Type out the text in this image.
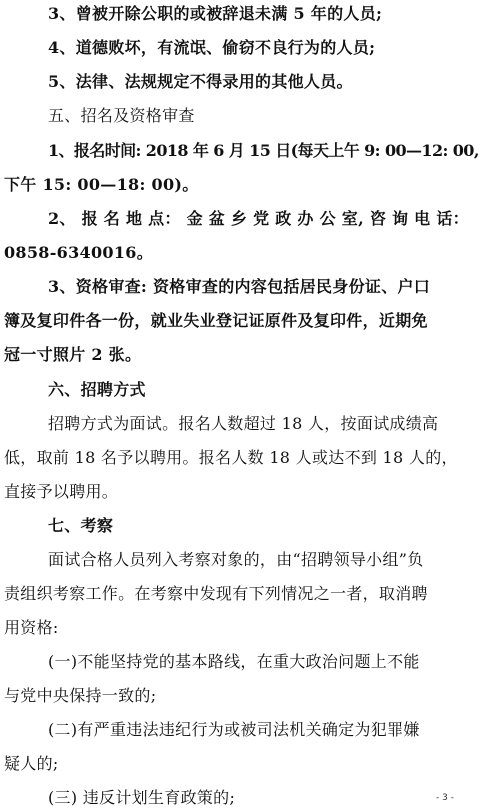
3、曾被开除公职的或被辞退未满 5 年的人员;
4、道德败坏，有流氓、偷窃不良行为的人员;
5、法律、法规规定不得录用的其他人员。
五、招名及资格审查
1、报名时间: 2018 年 6 月 15 日(每天上午 9: 00—12: 00,
下午 15: 00—18: 00)。
2、 报 名 地 点： 金 盆 乡 党 政 办 公 室, 咨 询 电 话：
0858-6340016。
3、资格审查: 资格审查的内容包括居民身份证、户口
簿及复印件各一份，就业失业登记证原件及复印件，近期免
冠一寸照片 2 张。
六、招聘方式
招聘方式为面试。报名人数超过 18 人，按面试成绩高
低，取前 18 名予以聘用。报名人数 18 人或达不到 18 人的，
直接予以聘用。
七、考察
面试合格人员列入考察对象的，由“招聘领导小组”负
责组织考察工作。在考察中发现有下列情况之一者，取消聘
用资格:
(一)不能坚持党的基本路线，在重大政治问题上不能
与党中央保持一致的;
(二)有严重违法违纪行为或被司法机关确定为犯罪嫌
疑人的;
(三) 违反计划生育政策的;	- 3 -
